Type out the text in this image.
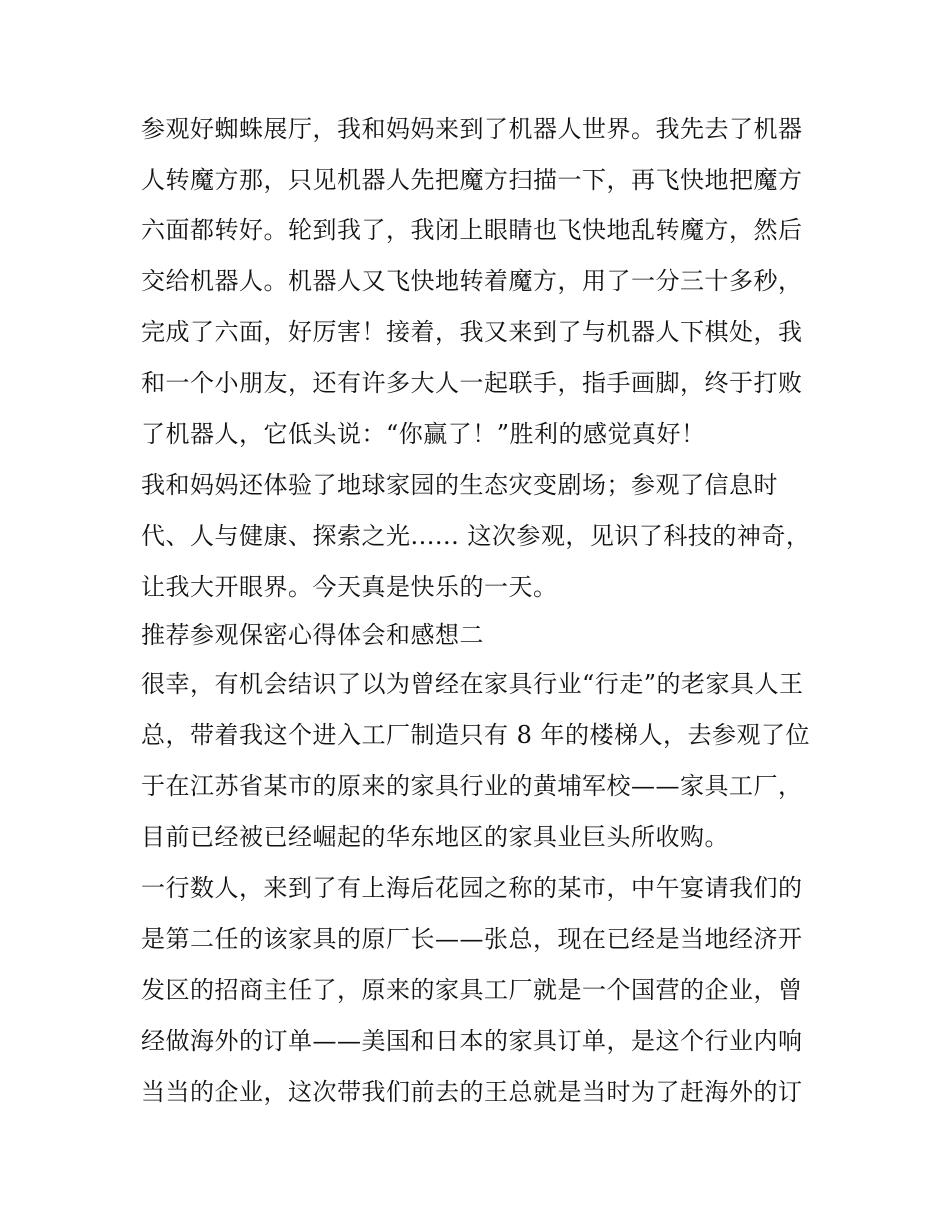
参观好蜘蛛展厅，我和妈妈来到了机器人世界。我先去了机器
人转魔方那，只见机器人先把魔方扫描一下，再飞快地把魔方
六面都转好。轮到我了，我闭上眼睛也飞快地乱转魔方，然后
交给机器人。机器人又飞快地转着魔方，用了一分三十多秒，
完成了六面，好厉害！接着，我又来到了与机器人下棋处，我
和一个小朋友，还有许多大人一起联手，指手画脚，终于打败
了机器人，它低头说：“你赢了！”胜利的感觉真好！
我和妈妈还体验了地球家园的生态灾变剧场；参观了信息时
代、人与健康、探索之光...... 这次参观，见识了科技的神奇，
让我大开眼界。今天真是快乐的一天。
推荐参观保密心得体会和感想二
很幸，有机会结识了以为曾经在家具行业“行走”的老家具人王
总，带着我这个进入工厂制造只有 8 年的楼梯人，去参观了位
于在江苏省某市的原来的家具行业的黄埔军校——家具工厂，
目前已经被已经崛起的华东地区的家具业巨头所收购。
一行数人，来到了有上海后花园之称的某市，中午宴请我们的
是第二任的该家具的原厂长——张总，现在已经是当地经济开
发区的招商主任了，原来的家具工厂就是一个国营的企业，曾
经做海外的订单——美国和日本的家具订单，是这个行业内响
当当的企业，这次带我们前去的王总就是当时为了赶海外的订
